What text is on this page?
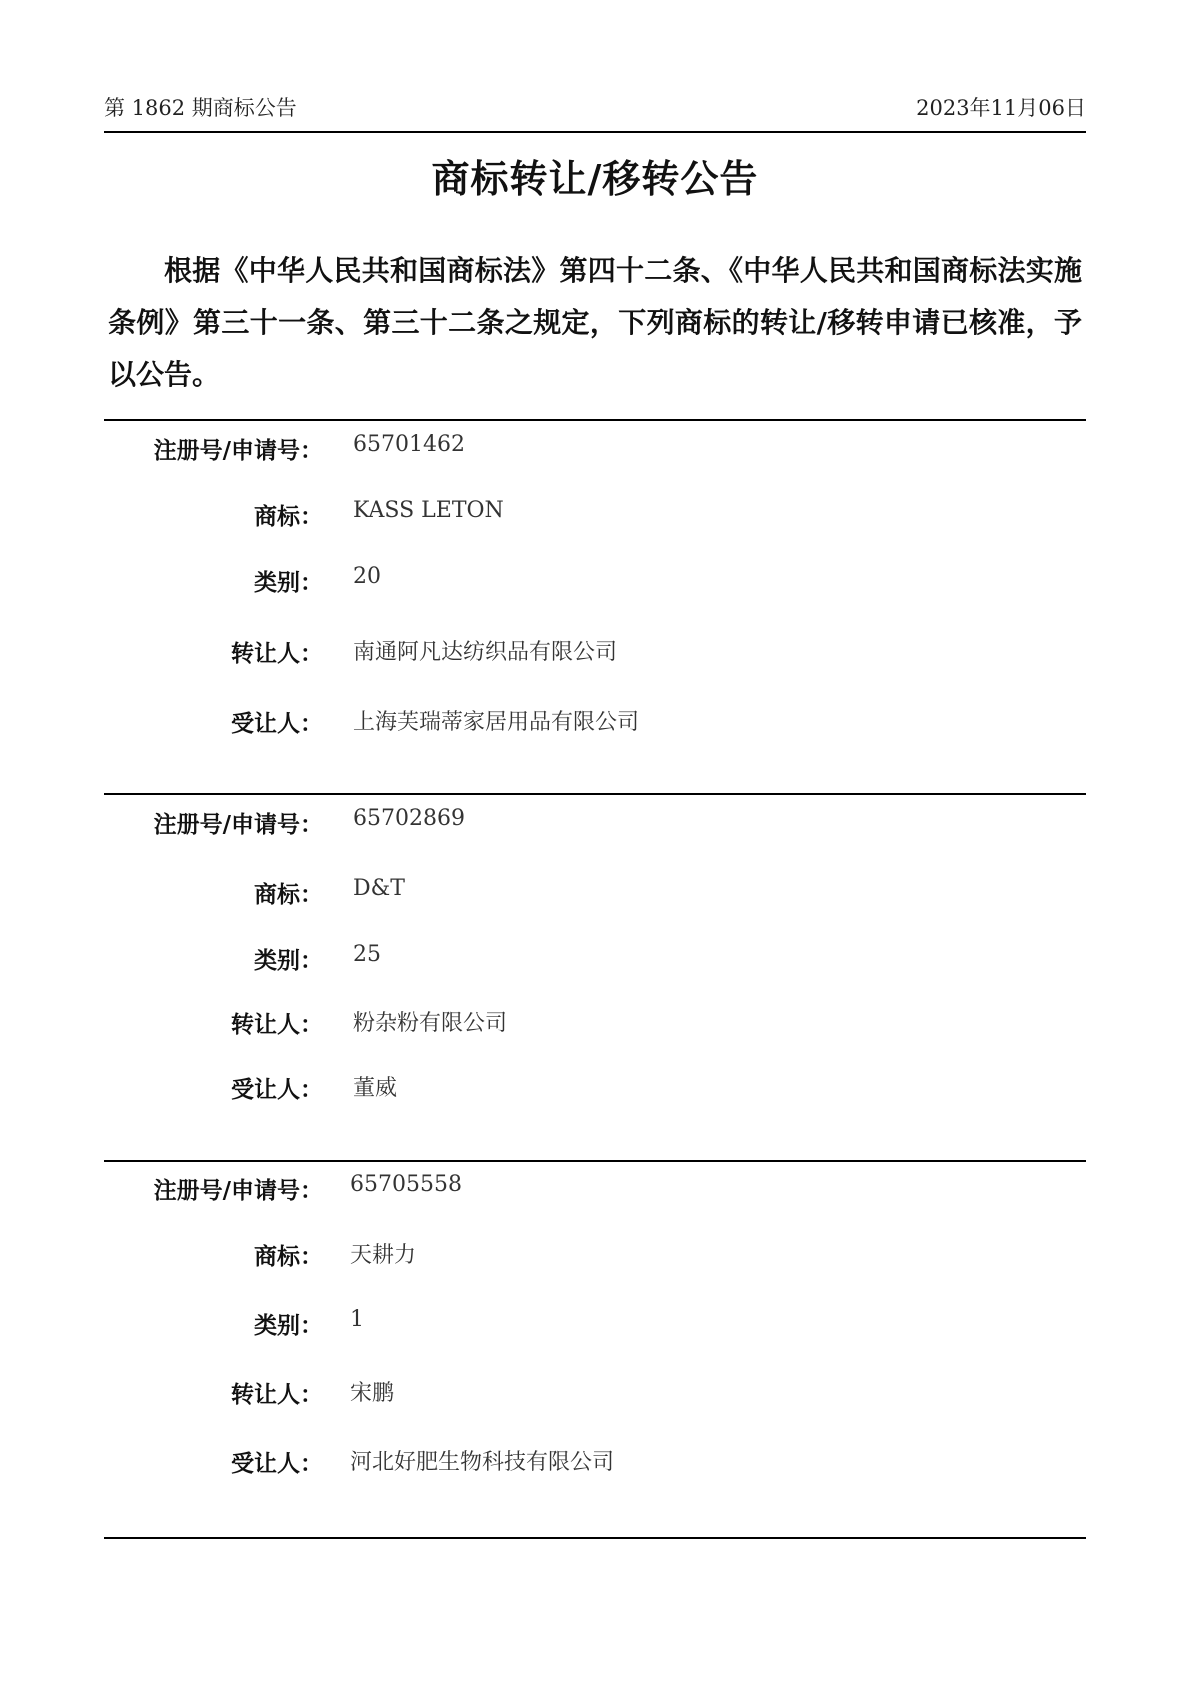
第 1862 期商标公告	2023年11月06日
商标转让/移转公告
根据《中华人民共和国商标法》第四十二条、《中华人民共和国商标法实施条例》第三十一条、第三十二条之规定，下列商标的转让/移转申请已核准，予以公告。
注册号/申请号： 65701462
商标： KASS LETON
类别： 20
转让人： 南通阿凡达纺织品有限公司
受让人： 上海芙瑞蒂家居用品有限公司
注册号/申请号： 65702869
商标： D&T
类别： 25
转让人： 粉杂粉有限公司
受让人： 董威
注册号/申请号： 65705558
商标： 天耕力
类别： 1
转让人： 宋鹏
受让人： 河北好肥生物科技有限公司
